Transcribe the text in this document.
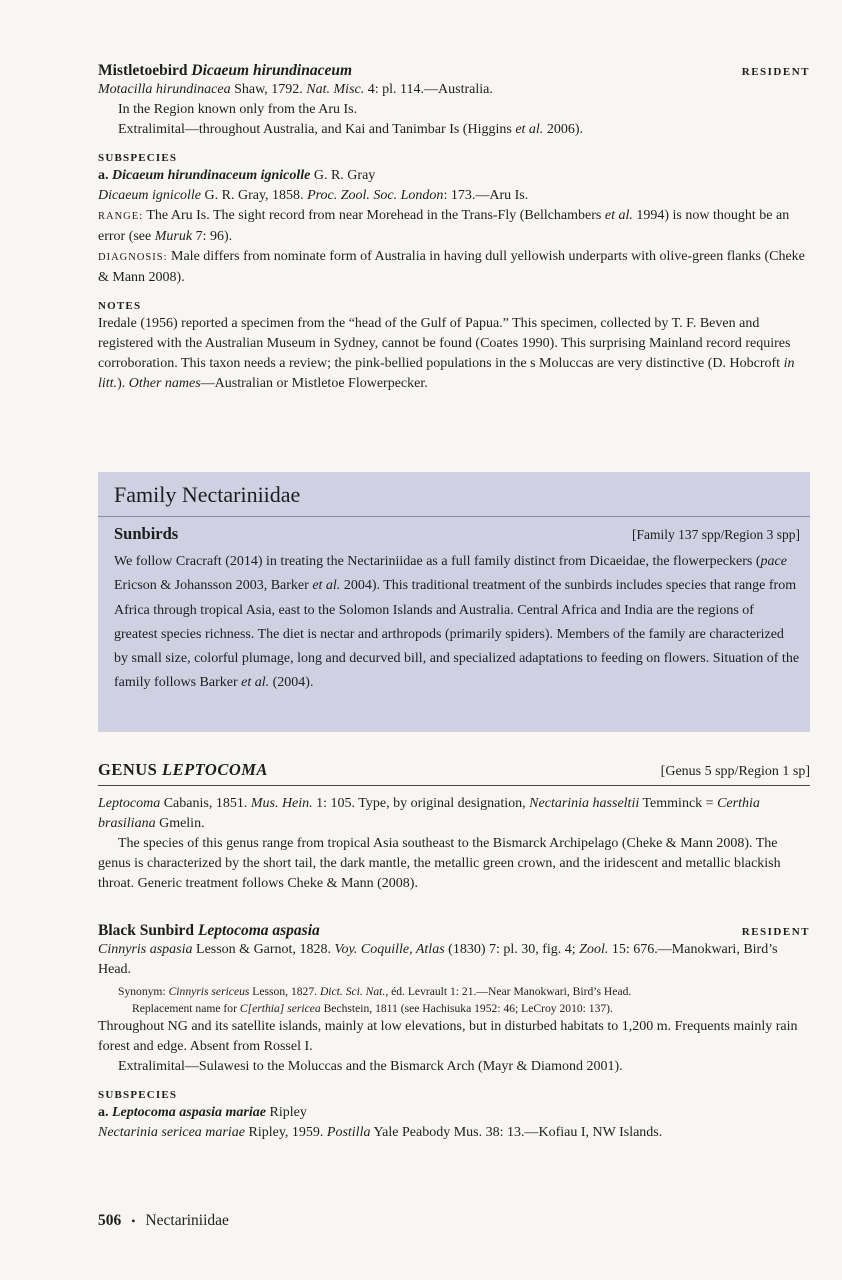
Mistletoebird Dicaeum hirundinaceum	RESIDENT

Motacilla hirundinacea Shaw, 1792. Nat. Misc. 4: pl. 114.—Australia.

In the Region known only from the Aru Is.

Extralimital—throughout Australia, and Kai and Tanimbar Is (Higgins et al. 2006).

SUBSPECIES

a. Dicaeum hirundinaceum ignicolle G. R. Gray

Dicaeum ignicolle G. R. Gray, 1858. Proc. Zool. Soc. London: 173.—Aru Is.

RANGE: The Aru Is. The sight record from near Morehead in the Trans-Fly (Bellchambers et al. 1994) is now thought be an error (see Muruk 7: 96).

DIAGNOSIS: Male differs from nominate form of Australia in having dull yellowish underparts with olive-green flanks (Cheke & Mann 2008).

NOTES

Iredale (1956) reported a specimen from the “head of the Gulf of Papua.” This specimen, collected by T. F. Beven and registered with the Australian Museum in Sydney, cannot be found (Coates 1990). This surprising Mainland record requires corroboration. This taxon needs a review; the pink-bellied populations in the s Moluccas are very distinctive (D. Hobcroft in litt.). Other names—Australian or Mistletoe Flowerpecker.

Family Nectariniidae
Sunbirds	[Family 137 spp/Region 3 spp]

We follow Cracraft (2014) in treating the Nectariniidae as a full family distinct from Dicaeidae, the flowerpeckers (pace Ericson & Johansson 2003, Barker et al. 2004). This traditional treatment of the sunbirds includes species that range from Africa through tropical Asia, east to the Solomon Islands and Australia. Central Africa and India are the regions of greatest species richness. The diet is nectar and arthropods (primarily spiders). Members of the family are characterized by small size, colorful plumage, long and decurved bill, and specialized adaptations to feeding on flowers. Situation of the family follows Barker et al. (2004).

GENUS LEPTOCOMA	[Genus 5 spp/Region 1 sp]

Leptocoma Cabanis, 1851. Mus. Hein. 1: 105. Type, by original designation, Nectarinia hasseltii Temminck = Certhia brasiliana Gmelin.

The species of this genus range from tropical Asia southeast to the Bismarck Archipelago (Cheke & Mann 2008). The genus is characterized by the short tail, the dark mantle, the metallic green crown, and the iridescent and metallic blackish throat. Generic treatment follows Cheke & Mann (2008).

Black Sunbird Leptocoma aspasia	RESIDENT

Cinnyris aspasia Lesson & Garnot, 1828. Voy. Coquille, Atlas (1830) 7: pl. 30, fig. 4; Zool. 15: 676.—Manokwari, Bird’s Head.

Synonym: Cinnyris sericeus Lesson, 1827. Dict. Sci. Nat., éd. Levrault 1: 21.—Near Manokwari, Bird’s Head.

Replacement name for C[erthia] sericea Bechstein, 1811 (see Hachisuka 1952: 46; LeCroy 2010: 137).

Throughout NG and its satellite islands, mainly at low elevations, but in disturbed habitats to 1,200 m. Frequents mainly rain forest and edge. Absent from Rossel I.

Extralimital—Sulawesi to the Moluccas and the Bismarck Arch (Mayr & Diamond 2001).

SUBSPECIES

a. Leptocoma aspasia mariae Ripley

Nectarinia sericea mariae Ripley, 1959. Postilla Yale Peabody Mus. 38: 13.—Kofiau I, NW Islands.

506 • Nectariniidae
